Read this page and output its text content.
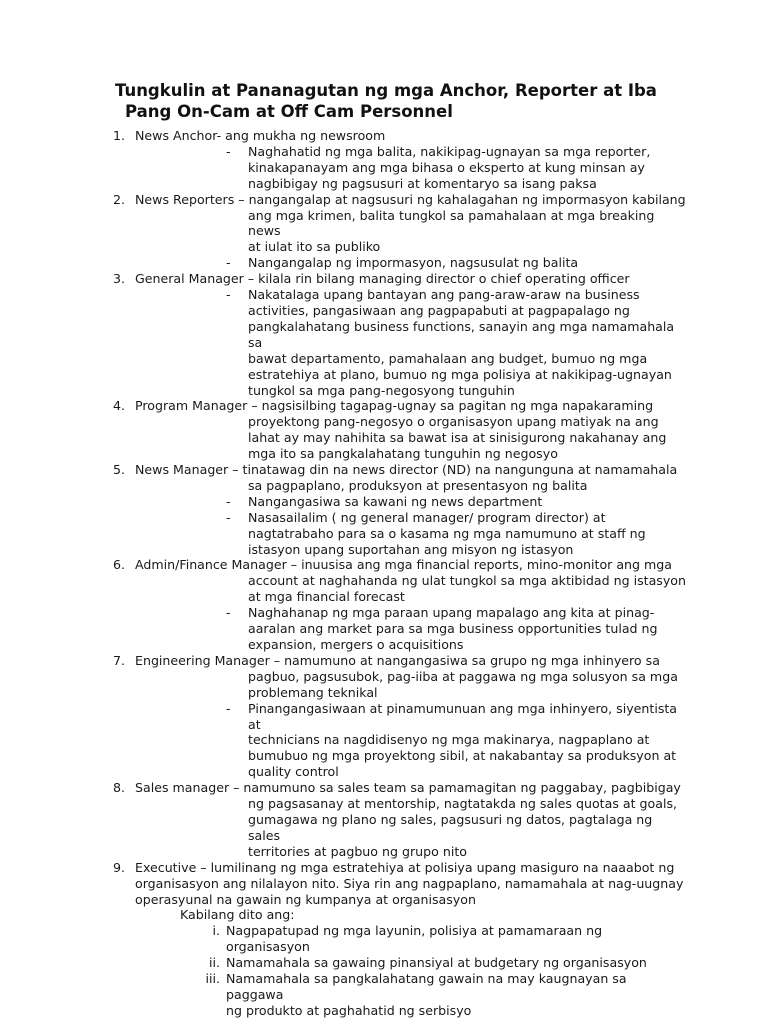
Tungkulin at Pananagutan ng mga Anchor, Reporter at Iba
Pang On-Cam at Off Cam Personnel
1. News Anchor- ang mukha ng newsroom
- Naghahatid ng mga balita, nakikipag-ugnayan sa mga reporter,
kinakapanayam ang mga bihasa o eksperto at kung minsan ay
nagbibigay ng pagsusuri at komentaryo sa isang paksa
2. News Reporters – nangangalap at nagsusuri ng kahalagahan ng impormasyon kabilang
ang mga krimen, balita tungkol sa pamahalaan at mga breaking news
at iulat ito sa publiko
- Nangangalap ng impormasyon, nagsusulat ng balita
3. General Manager – kilala rin bilang managing director o chief operating officer
- Nakatalaga upang bantayan ang pang-araw-araw na business
activities, pangasiwaan ang pagpapabuti at pagpapalago ng
pangkalahatang business functions, sanayin ang mga namamahala sa
bawat departamento, pamahalaan ang budget, bumuo ng mga
estratehiya at plano, bumuo ng mga polisiya at nakikipag-ugnayan
tungkol sa mga pang-negosyong tunguhin
4. Program Manager – nagsisilbing tagapag-ugnay sa pagitan ng mga napakaraming
proyektong pang-negosyo o organisasyon upang matiyak na ang
lahat ay may nahihita sa bawat isa at sinisigurong nakahanay ang
mga ito sa pangkalahatang tunguhin ng negosyo
5. News Manager – tinatawag din na news director (ND) na nangunguna at namamahala
sa pagpaplano, produksyon at presentasyon ng balita
- Nangangasiwa sa kawani ng news department
- Nasasailalim ( ng general manager/ program director) at
nagtatrabaho para sa o kasama ng mga namumuno at staff ng
istasyon upang suportahan ang misyon ng istasyon
6. Admin/Finance Manager – inuusisa ang mga financial reports, mino-monitor ang mga
account at naghahanda ng ulat tungkol sa mga aktibidad ng istasyon
at mga financial forecast
- Naghahanap ng mga paraan upang mapalago ang kita at pinag-
aaralan ang market para sa mga business opportunities tulad ng
expansion, mergers o acquisitions
7. Engineering Manager – namumuno at nangangasiwa sa grupo ng mga inhinyero sa
pagbuo, pagsusubok, pag-iiba at paggawa ng mga solusyon sa mga
problemang teknikal
- Pinangangasiwaan at pinamumunuan ang mga inhinyero, siyentista at
technicians na nagdidisenyo ng mga makinarya, nagpaplano at
bumubuo ng mga proyektong sibil, at nakabantay sa produksyon at
quality control
8. Sales manager – namumuno sa sales team sa pamamagitan ng paggabay, pagbibigay
ng pagsasanay at mentorship, nagtatakda ng sales quotas at goals,
gumagawa ng plano ng sales, pagsusuri ng datos, pagtalaga ng sales
territories at pagbuo ng grupo nito
9. Executive – lumilinang ng mga estratehiya at polisiya upang masiguro na naaabot ng
organisasyon ang nilalayon nito. Siya rin ang nagpaplano, namamahala at nag-uugnay
operasyunal na gawain ng kumpanya at organisasyon
Kabilang dito ang:
i. Nagpapatupad ng mga layunin, polisiya at pamamaraan ng organisasyon
ii. Namamahala sa gawaing pinansiyal at budgetary ng organisasyon
iii. Namamahala sa pangkalahatang gawain na may kaugnayan sa paggawa
ng produkto at paghahatid ng serbisyo
